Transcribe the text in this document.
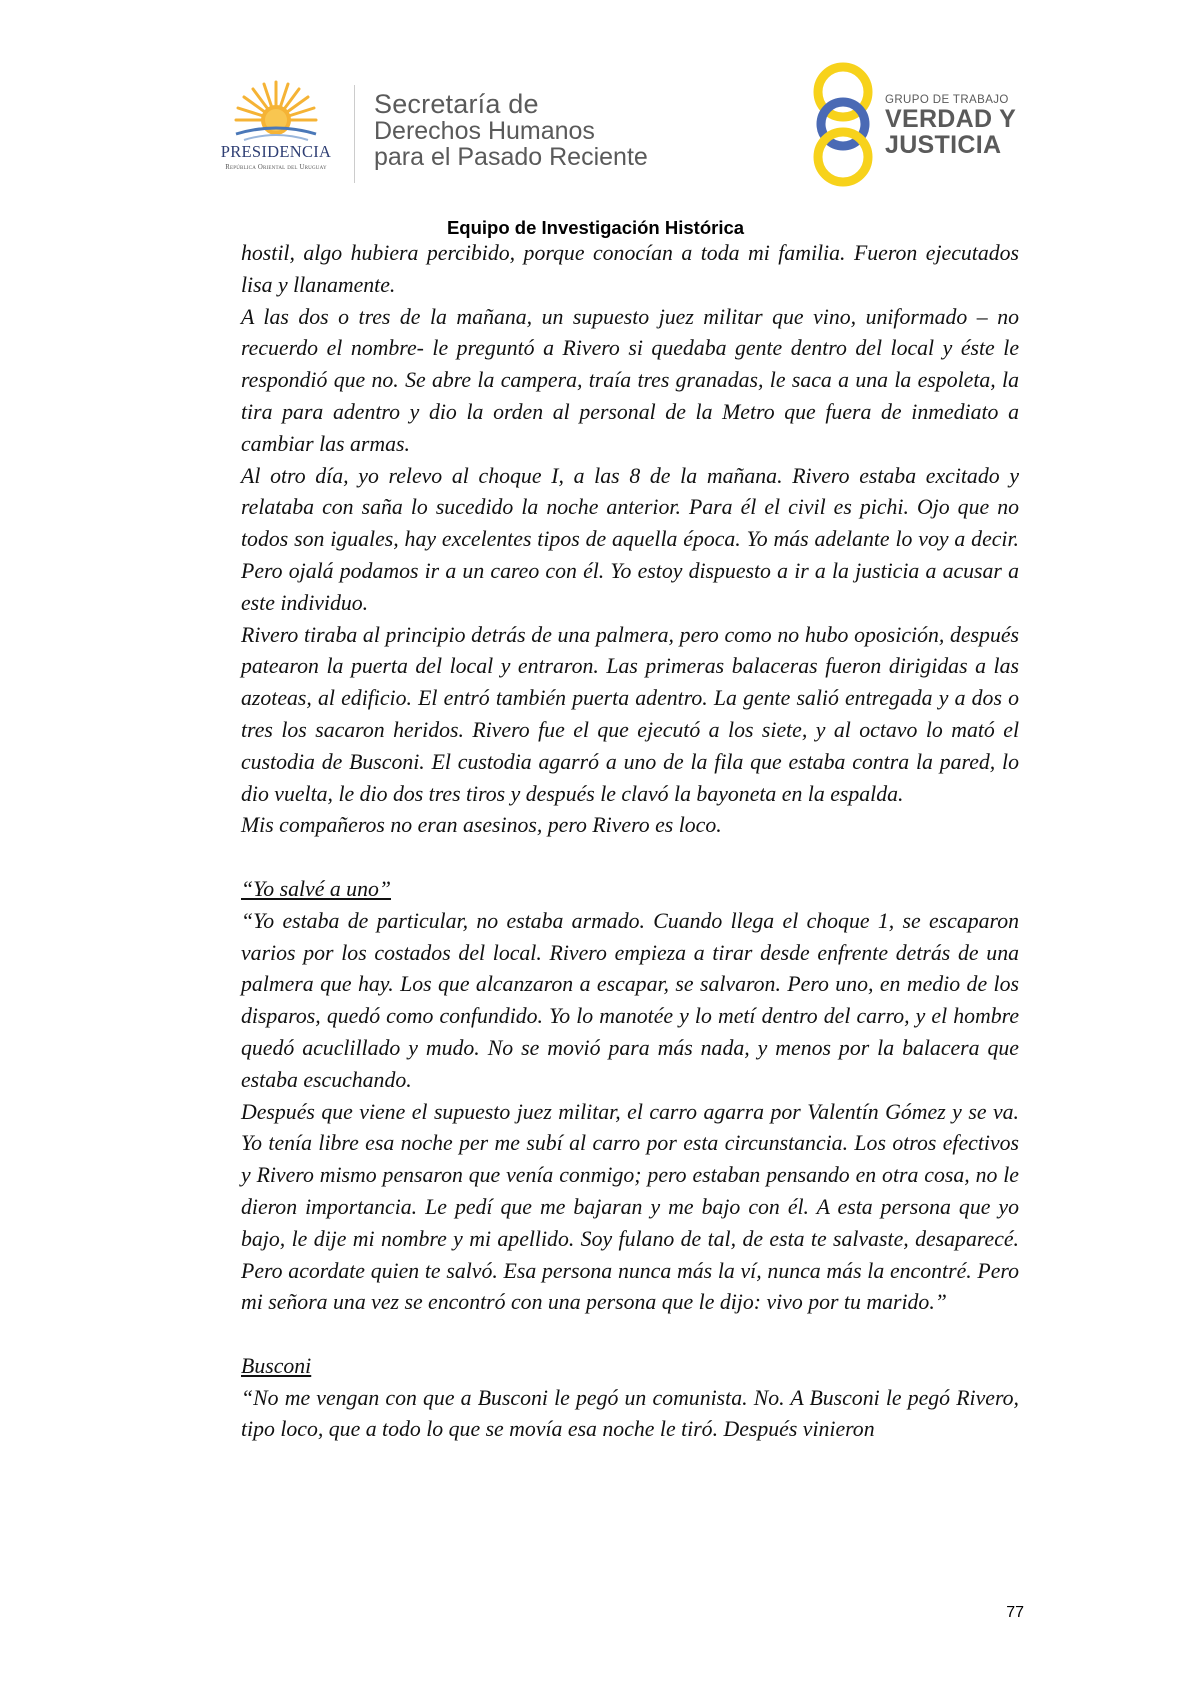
PRESIDENCIA
República Oriental del Uruguay
Secretaría de
Derechos Humanos
para el Pasado Reciente
GRUPO DE TRABAJO
VERDAD Y
JUSTICIA
Equipo de Investigación Histórica

hostil, algo hubiera percibido, porque conocían a toda mi familia. Fueron ejecutados lisa y llanamente.

A las dos o tres de la mañana, un supuesto juez militar que vino, uniformado – no recuerdo el nombre- le preguntó a Rivero si quedaba gente dentro del local y éste le respondió que no. Se abre la campera, traía tres granadas, le saca a una la espoleta, la tira para adentro y dio la orden al personal de la Metro que fuera de inmediato a cambiar las armas.

Al otro día, yo relevo al choque I, a las 8 de la mañana. Rivero estaba excitado y relataba con saña lo sucedido la noche anterior. Para él el civil es pichi. Ojo que no todos son iguales, hay excelentes tipos de aquella época. Yo más adelante lo voy a decir. Pero ojalá podamos ir a un careo con él. Yo estoy dispuesto a ir a la justicia a acusar a este individuo.

Rivero tiraba al principio detrás de una palmera, pero como no hubo oposición, después patearon la puerta del local y entraron. Las primeras balaceras fueron dirigidas a las azoteas, al edificio. El entró también puerta adentro. La gente salió entregada y a dos o tres los sacaron heridos. Rivero fue el que ejecutó a los siete, y al octavo lo mató el custodia de Busconi. El custodia agarró a uno de la fila que estaba contra la pared, lo dio vuelta, le dio dos tres tiros y después le clavó la bayoneta en la espalda.

Mis compañeros no eran asesinos, pero Rivero es loco.

“Yo salvé a uno”

“Yo estaba de particular, no estaba armado. Cuando llega el choque 1, se escaparon varios por los costados del local. Rivero empieza a tirar desde enfrente detrás de una palmera que hay. Los que alcanzaron a escapar, se salvaron. Pero uno, en medio de los disparos, quedó como confundido. Yo lo manotée y lo metí dentro del carro, y el hombre quedó acuclillado y mudo. No se movió para más nada, y menos por la balacera que estaba escuchando.

Después que viene el supuesto juez militar, el carro agarra por Valentín Gómez y se va. Yo tenía libre esa noche per me subí al carro por esta circunstancia. Los otros efectivos y Rivero mismo pensaron que venía conmigo; pero estaban pensando en otra cosa, no le dieron importancia. Le pedí que me bajaran y me bajo con él. A esta persona que yo bajo, le dije mi nombre y mi apellido. Soy fulano de tal, de esta te salvaste, desaparecé. Pero acordate quien te salvó. Esa persona nunca más la ví, nunca más la encontré. Pero mi señora una vez se encontró con una persona que le dijo: vivo por tu marido.”

Busconi

“No me vengan con que a Busconi le pegó un comunista. No. A Busconi le pegó Rivero, tipo loco, que a todo lo que se movía esa noche le tiró. Después vinieron

77
